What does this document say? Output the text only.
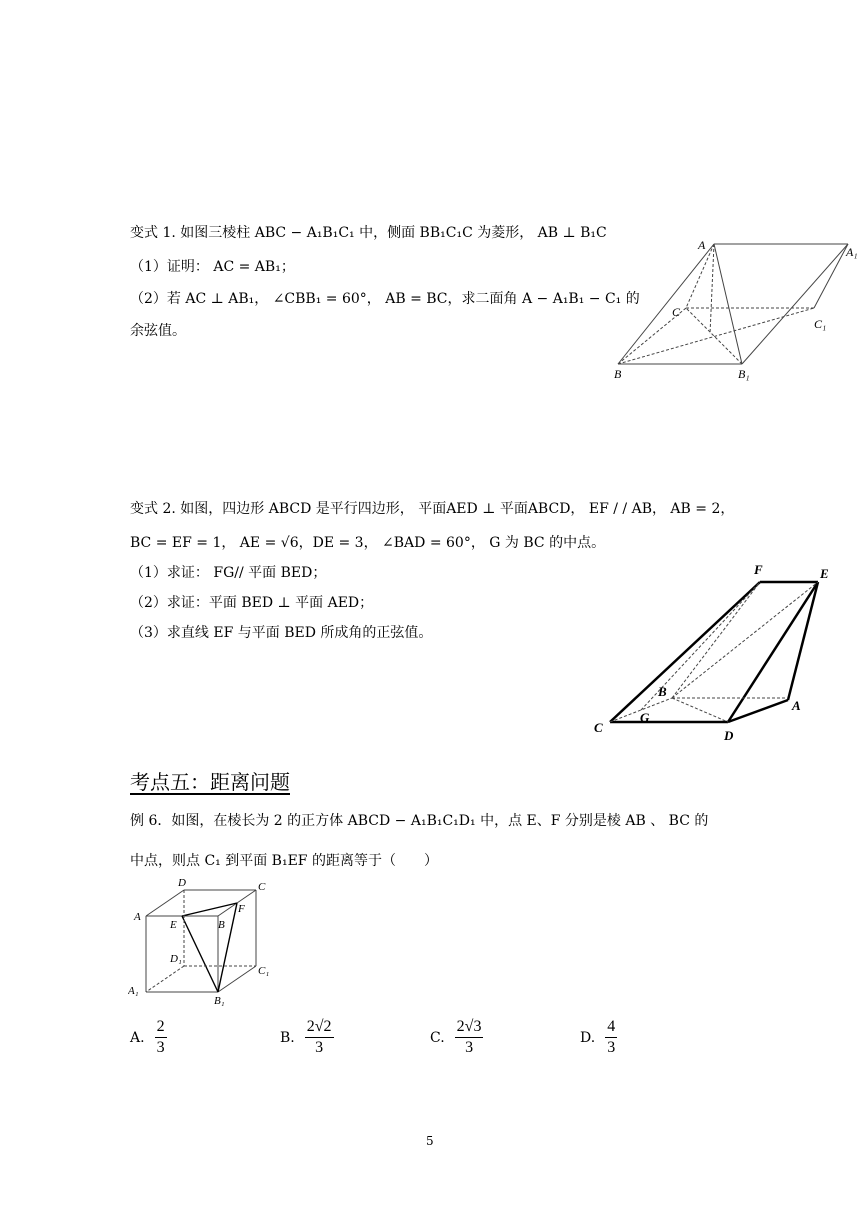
变式 1. 如图三棱柱 ABC − A₁B₁C₁ 中，侧面 BB₁C₁C 为菱形， AB ⊥ B₁C
（1）证明： AC = AB₁；
（2）若 AC ⊥ AB₁， ∠CBB₁ = 60°， AB = BC，求二面角 A − A₁B₁ − C₁ 的
余弦值。
A	A₁
C
C₁
B	B₁
变式 2. 如图，四边形 ABCD 是平行四边形， 平面AED ⊥ 平面ABCD， EF / / AB， AB = 2，
BC = EF = 1， AE = √6，DE = 3， ∠BAD = 60°， G 为 BC 的中点。
（1）求证： FG// 平面 BED；
（2）求证：平面 BED ⊥ 平面 AED；
（3）求直线 EF 与平面 BED 所成角的正弦值。
F	E
B
G
A
C
D
考点五：距离问题
例 6．如图，在棱长为 2 的正方体 ABCD − A₁B₁C₁D₁ 中，点 E、F 分别是棱 AB 、 BC 的
中点，则点 C₁ 到平面 B₁EF 的距离等于（　　）
D	C
A
E	B
F
D₁
C₁
A₁
B₁
A. $\frac{2}{3}$	B. $\frac{2√2}{3}$	C. $\frac{2√3}{3}$	D. $\frac{4}{3}$
5
